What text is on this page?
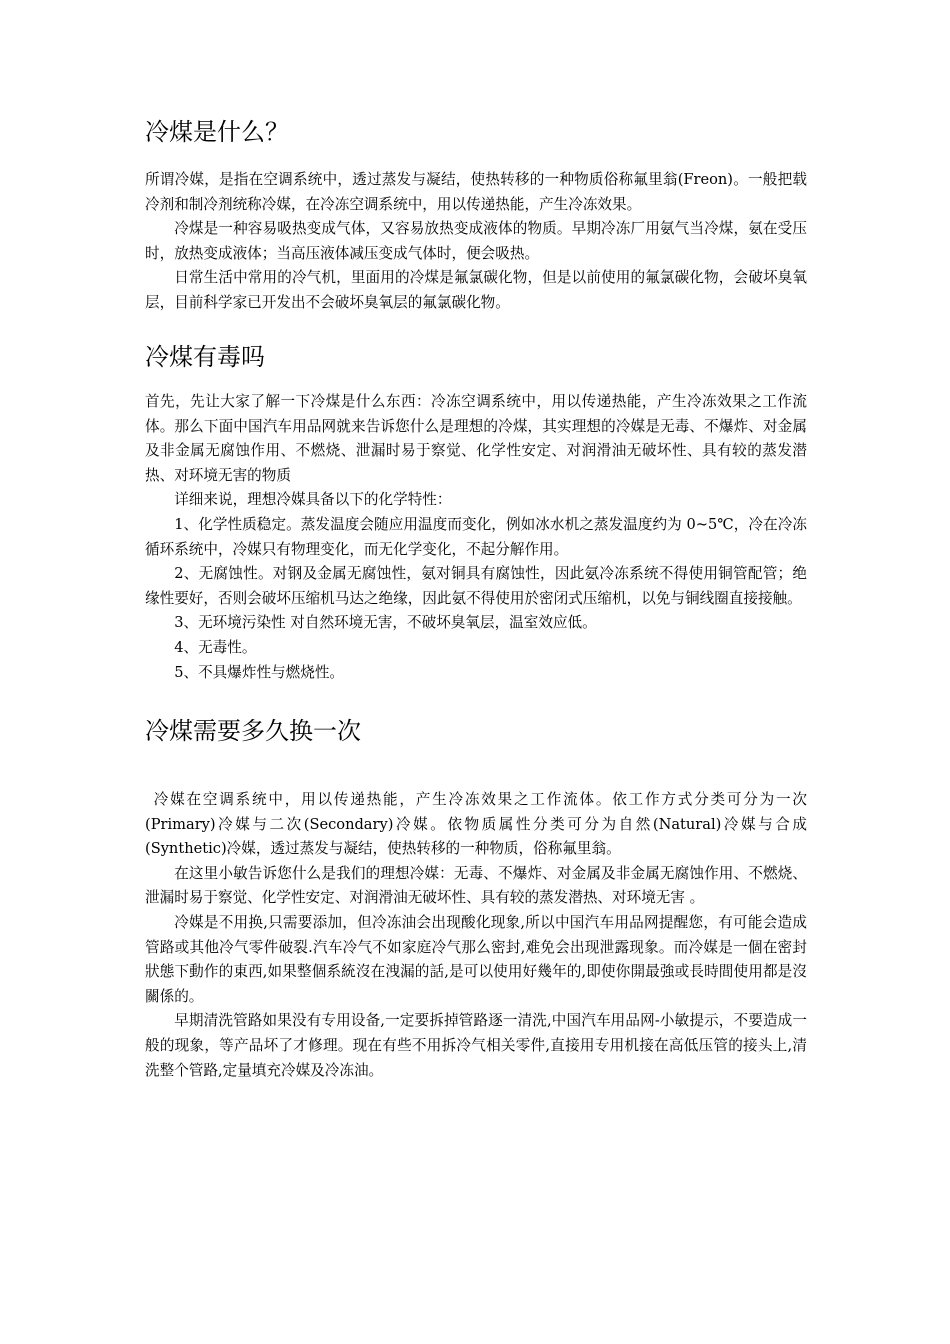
冷煤是什么？

所谓冷媒，是指在空调系统中，透过蒸发与凝结，使热转移的一种物质俗称氟里翁(Freon)。一般把载冷剂和制冷剂统称冷媒，在冷冻空调系统中，用以传递热能，产生冷冻效果。

冷煤是一种容易吸热变成气体，又容易放热变成液体的物质。早期冷冻厂用氨气当冷煤，氨在受压时，放热变成液体；当高压液体减压变成气体时，便会吸热。

日常生活中常用的冷气机，里面用的冷煤是氟氯碳化物，但是以前使用的氟氯碳化物，会破坏臭氧层，目前科学家已开发出不会破坏臭氧层的氟氯碳化物。

冷煤有毒吗

首先，先让大家了解一下冷煤是什么东西：冷冻空调系统中，用以传递热能，产生冷冻效果之工作流体。那么下面中国汽车用品网就来告诉您什么是理想的冷煤，其实理想的冷媒是无毒、不爆炸、对金属及非金属无腐蚀作用、不燃烧、泄漏时易于察觉、化学性安定、对润滑油无破坏性、具有较的蒸发潜热、对环境无害的物质

详细来说，理想冷媒具备以下的化学特性：

1、化学性质稳定。蒸发温度会随应用温度而变化，例如冰水机之蒸发温度约为 0~5℃，冷在冷冻循环系统中，冷媒只有物理变化，而无化学变化，不起分解作用。

2、无腐蚀性。对钢及金属无腐蚀性，氨对铜具有腐蚀性，因此氨冷冻系统不得使用铜管配管；绝缘性要好，否则会破坏压缩机马达之绝缘，因此氨不得使用於密闭式压缩机，以免与铜线圈直接接触。

3、无环境污染性 对自然环境无害，不破坏臭氧层，温室效应低。

4、无毒性。

5、不具爆炸性与燃烧性。

冷煤需要多久换一次

冷媒在空调系统中，用以传递热能，产生冷冻效果之工作流体。依工作方式分类可分为一次(Primary)冷媒与二次(Secondary)冷媒。依物质属性分类可分为自然(Natural)冷媒与合成(Synthetic)冷媒，透过蒸发与凝结，使热转移的一种物质，俗称氟里翁。

在这里小敏告诉您什么是我们的理想冷媒：无毒、不爆炸、对金属及非金属无腐蚀作用、不燃烧、泄漏时易于察觉、化学性安定、对润滑油无破坏性、具有较的蒸发潜热、对环境无害 。

冷媒是不用换,只需要添加，但冷冻油会出现酸化现象,所以中国汽车用品网提醒您，有可能会造成管路或其他冷气零件破裂.汽车冷气不如家庭冷气那么密封,难免会出现泄露现象。而冷媒是一個在密封狀態下動作的東西,如果整個系統沒在洩漏的話,是可以使用好幾年的,即使你開最強或長時間使用都是沒關係的。

早期清洗管路如果没有专用设备,一定要拆掉管路逐一清洗,中国汽车用品网-小敏提示，不要造成一般的现象，等产品坏了才修理。现在有些不用拆冷气相关零件,直接用专用机接在高低压管的接头上,清洗整个管路,定量填充冷媒及冷冻油。
